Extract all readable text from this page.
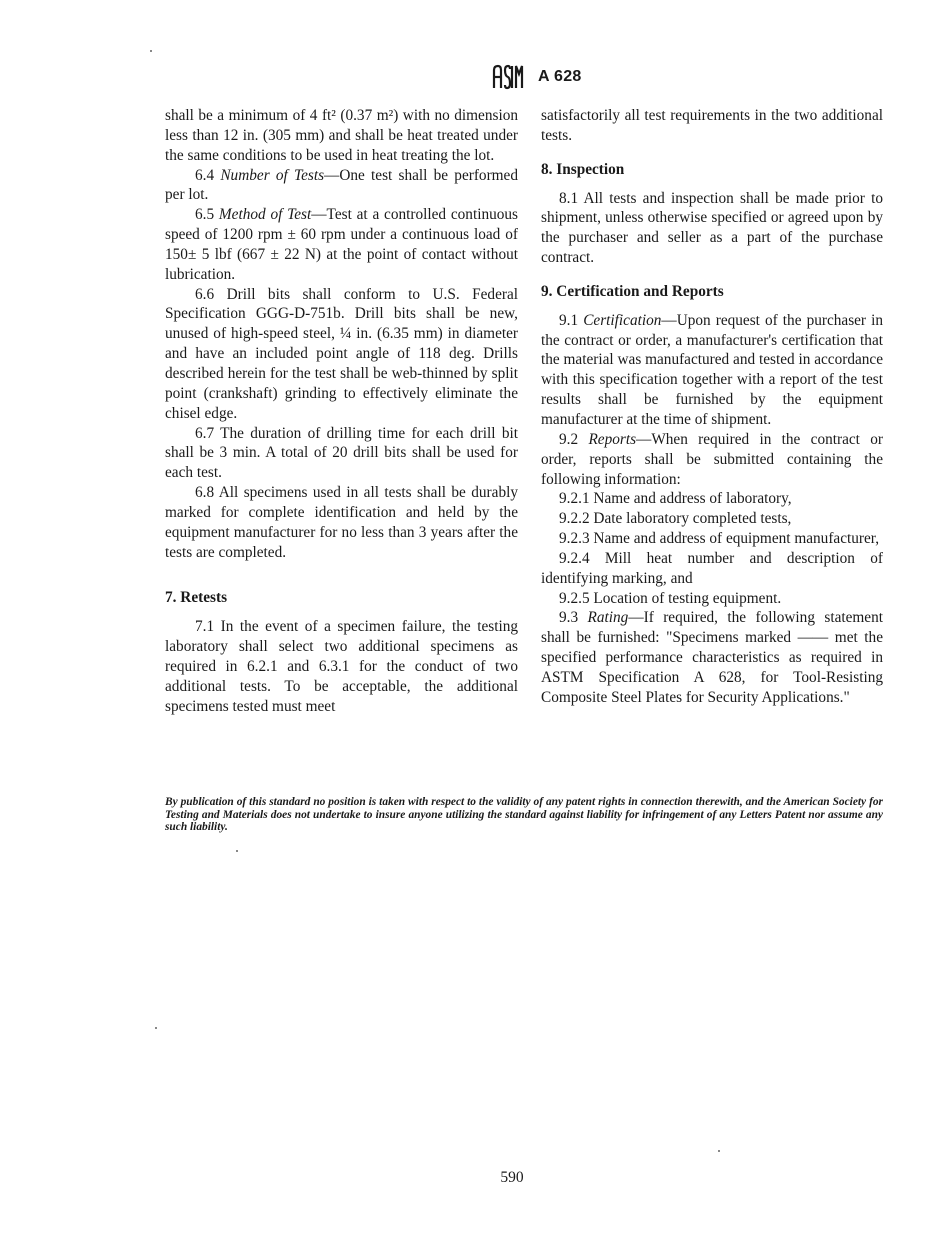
A 628

shall be a minimum of 4 ft² (0.37 m²) with no dimension less than 12 in. (305 mm) and shall be heat treated under the same conditions to be used in heat treating the lot.

6.4 Number of Tests—One test shall be performed per lot.

6.5 Method of Test—Test at a controlled continuous speed of 1200 rpm ± 60 rpm under a continuous load of 150± 5 lbf (667 ± 22 N) at the point of contact without lubrication.

6.6 Drill bits shall conform to U.S. Federal Specification GGG-D-751b. Drill bits shall be new, unused of high-speed steel, ¼ in. (6.35 mm) in diameter and have an included point angle of 118 deg. Drills described herein for the test shall be web-thinned by split point (crankshaft) grinding to effectively eliminate the chisel edge.

6.7 The duration of drilling time for each drill bit shall be 3 min. A total of 20 drill bits shall be used for each test.

6.8 All specimens used in all tests shall be durably marked for complete identification and held by the equipment manufacturer for no less than 3 years after the tests are completed.

7. Retests

7.1 In the event of a specimen failure, the testing laboratory shall select two additional specimens as required in 6.2.1 and 6.3.1 for the conduct of two additional tests. To be acceptable, the additional specimens tested must meet

satisfactorily all test requirements in the two additional tests.

8. Inspection

8.1 All tests and inspection shall be made prior to shipment, unless otherwise specified or agreed upon by the purchaser and seller as a part of the purchase contract.

9. Certification and Reports

9.1 Certification—Upon request of the purchaser in the contract or order, a manufacturer's certification that the material was manufactured and tested in accordance with this specification together with a report of the test results shall be furnished by the equipment manufacturer at the time of shipment.

9.2 Reports—When required in the contract or order, reports shall be submitted containing the following information:

9.2.1 Name and address of laboratory,

9.2.2 Date laboratory completed tests,

9.2.3 Name and address of equipment manufacturer,

9.2.4 Mill heat number and description of identifying marking, and

9.2.5 Location of testing equipment.

9.3 Rating—If required, the following statement shall be furnished: "Specimens marked —— met the specified performance characteristics as required in ASTM Specification A 628, for Tool-Resisting Composite Steel Plates for Security Applications."

By publication of this standard no position is taken with respect to the validity of any patent rights in connection therewith, and the American Society for Testing and Materials does not undertake to insure anyone utilizing the standard against liability for infringement of any Letters Patent nor assume any such liability.
590
